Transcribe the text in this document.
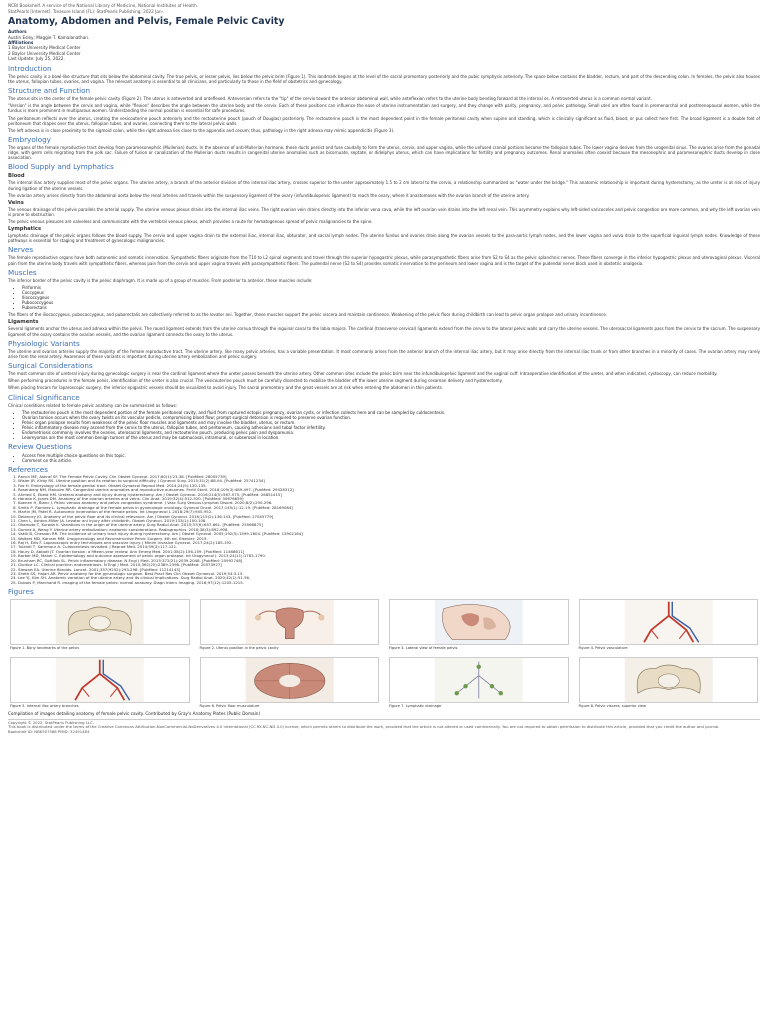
NCBI Bookshelf. A service of the National Library of Medicine, National Institutes of Health.
StatPearls [Internet]. Treasure Island (FL): StatPearls Publishing; 2022 Jan-.
Anatomy, Abdomen and Pelvis, Female Pelvic Cavity
Authors
Austin Esley; Maggie T. Kamalanathan.
Affiliations
1 Baylor University Medical Center
2 Baylor University Medical Center
Last Update: July 25, 2022.
Introduction
The pelvic cavity is a bowl-like structure that sits below the abdominal cavity. The true pelvis, or lesser pelvis, lies below the pelvic brim (Figure 1). This landmark begins at the level of the sacral promontory posteriorly and the pubic symphysis anteriorly. The space below contains the bladder, rectum, and part of the descending colon. In females, the pelvis also houses the uterus, fallopian tubes, ovaries, and vagina. The relevant anatomy is essential to all clinicians, and particularly to those in the field of obstetrics and gynecology.
Structure and Function
The uterus sits in the center of the female pelvic cavity (Figure 2). The uterus is anteverted and anteflexed. Anteversion refers to the "tip" of the cervix toward the anterior abdominal wall, while anteflexion refers to the uterine body bending forward at the internal os. A retroverted uterus is a common normal variant.
"Version" is the angle between the cervix and vagina, while "flexion" describes the angle between the uterine body and the cervix. Each of these positions can influence the ease of uterine instrumentation and surgery, and they change with parity, pregnancy, and pelvic pathology. Small uteri are often found in premenarchal and postmenopausal women, while the fundus is more prominent in multiparous women. Understanding the normal position is essential for safe procedures.
The peritoneum reflects over the uterus, creating the vesicouterine pouch anteriorly and the rectouterine pouch (pouch of Douglas) posteriorly. The rectouterine pouch is the most dependent point in the female peritoneal cavity when supine and standing, which is clinically significant as fluid, blood, or pus collect here first. The broad ligament is a double fold of peritoneum that drapes over the uterus, fallopian tubes, and ovaries, connecting them to the lateral pelvic walls.
The left adnexa is in close proximity to the sigmoid colon, while the right adnexa lies close to the appendix and cecum; thus, pathology in the right adnexa may mimic appendicitis (Figure 3).
Embryology
The organs of the female reproductive tract develop from paramesonephric (Mullerian) ducts. In the absence of anti-Mullerian hormone, these ducts persist and fuse caudally to form the uterus, cervix, and upper vagina, while the unfused cranial portions become the fallopian tubes. The lower vagina derives from the urogenital sinus. The ovaries arise from the gonadal ridge, with germ cells migrating from the yolk sac. Failure of fusion or canalization of the Mullerian ducts results in congenital uterine anomalies such as bicornuate, septate, or didelphys uterus, which can have implications for fertility and pregnancy outcomes. Renal anomalies often coexist because the mesonephric and paramesonephric ducts develop in close association.
Blood Supply and Lymphatics
Blood
The internal iliac artery supplies most of the pelvic organs. The uterine artery, a branch of the anterior division of the internal iliac artery, crosses superior to the ureter approximately 1.5 to 2 cm lateral to the cervix, a relationship summarized as "water under the bridge." This anatomic relationship is important during hysterectomy, as the ureter is at risk of injury during ligation of the uterine vessels.
The ovarian artery arises directly from the abdominal aorta below the renal arteries and travels within the suspensory ligament of the ovary (infundibulopelvic ligament) to reach the ovary, where it anastomoses with the ovarian branch of the uterine artery.
Veins
The venous drainage of the pelvis parallels the arterial supply. The uterine venous plexus drains into the internal iliac veins. The right ovarian vein drains directly into the inferior vena cava, while the left ovarian vein drains into the left renal vein. This asymmetry explains why left-sided varicoceles and pelvic congestion are more common, and why the left ovarian vein is prone to obstruction.
The pelvic venous plexuses are valveless and communicate with the vertebral venous plexus, which provides a route for hematogenous spread of pelvic malignancies to the spine.
Lymphatics
Lymphatic drainage of the pelvic organs follows the blood supply. The cervix and upper vagina drain to the external iliac, internal iliac, obturator, and sacral lymph nodes. The uterine fundus and ovaries drain along the ovarian vessels to the para-aortic lymph nodes, and the lower vagina and vulva drain to the superficial inguinal lymph nodes. Knowledge of these pathways is essential for staging and treatment of gynecologic malignancies.
Nerves
The female reproductive organs have both autonomic and somatic innervation. Sympathetic fibers originate from the T10 to L2 spinal segments and travel through the superior hypogastric plexus, while parasympathetic fibers arise from S2 to S4 as the pelvic splanchnic nerves. These fibers converge in the inferior hypogastric plexus and uterovaginal plexus. Visceral pain from the uterine body travels with sympathetic fibers, whereas pain from the cervix and upper vagina travels with parasympathetic fibers. The pudendal nerve (S2 to S4) provides somatic innervation to the perineum and lower vagina and is the target of the pudendal nerve block used in obstetric analgesia.
Muscles
The inferior border of the pelvic cavity is the pelvic diaphragm. It is made up of a group of muscles. From posterior to anterior, these muscles include:
• Piriformis
• Coccygeus
• Iliococcygeus
• Pubococcygeus
• Puborectalis
The fibers of the iliococcygeus, pubococcygeus, and puborectalis are collectively referred to as the levator ani. Together, these muscles support the pelvic viscera and maintain continence. Weakening of the pelvic floor during childbirth can lead to pelvic organ prolapse and urinary incontinence.
Ligaments
Several ligaments anchor the uterus and adnexa within the pelvis. The round ligament extends from the uterine cornua through the inguinal canal to the labia majora. The cardinal (transverse cervical) ligaments extend from the cervix to the lateral pelvic walls and carry the uterine vessels. The uterosacral ligaments pass from the cervix to the sacrum. The suspensory ligament of the ovary contains the ovarian vessels, and the ovarian ligament connects the ovary to the uterus.
Physiologic Variants
The uterine and ovarian arteries supply the majority of the female reproductive tract. The uterine artery, like many pelvic arteries, has a variable presentation. It most commonly arises from the anterior branch of the internal iliac artery, but it may arise directly from the internal iliac trunk or from other branches in a minority of cases. The ovarian artery may rarely arise from the renal artery. Awareness of these variants is important during uterine artery embolization and pelvic surgery.
Surgical Considerations
The most common site of ureteral injury during gynecologic surgery is near the cardinal ligament where the ureter passes beneath the uterine artery. Other common sites include the pelvic brim near the infundibulopelvic ligament and the vaginal cuff. Intraoperative identification of the ureter, and when indicated, cystoscopy, can reduce morbidity.
When performing procedures in the female pelvis, identification of the ureter is also crucial. The vesicouterine pouch must be carefully dissected to mobilize the bladder off the lower uterine segment during cesarean delivery and hysterectomy.
When placing trocars for laparoscopic surgery, the inferior epigastric vessels should be visualized to avoid injury. The sacral promontory and the great vessels are at risk when entering the abdomen in thin patients.
Clinical Significance
Clinical conditions related to female pelvic anatomy can be summarized as follows:
• The rectouterine pouch is the most dependent portion of the female peritoneal cavity, and fluid from ruptured ectopic pregnancy, ovarian cysts, or infection collects here and can be sampled by culdocentesis.
• Ovarian torsion occurs when the ovary twists on its vascular pedicle, compromising blood flow; prompt surgical detorsion is required to preserve ovarian function.
• Pelvic organ prolapse results from weakness of the pelvic floor muscles and ligaments and may involve the bladder, uterus, or rectum.
• Pelvic inflammatory disease may ascend from the cervix to the uterus, fallopian tubes, and peritoneum, causing adhesions and tubal factor infertility.
• Endometriosis commonly involves the ovaries, uterosacral ligaments, and rectouterine pouch, producing pelvic pain and dyspareunia.
• Leiomyomas are the most common benign tumors of the uterus and may be submucosal, intramural, or subserosal in location.
Review Questions
• Access free multiple choice questions on this topic.
• Comment on this article.
References
1. Ranch ME, Ashraf SF. The Female Pelvic Cavity. Clin Obstet Gynecol. 2017;60(1):23-38. [PubMed: 28005739]
2. Wisler JR, Kirby RS. Uterine position and its relation to surgical difficulty. J Gynecol Surg. 2015;31(2):88-94. [PubMed: 25741234]
3. Fox H. Embryology of the female genital tract. Obstet Gynaecol Reprod Med. 2014;24(5):130-135.
4. Rosenberg NM, Malcolm RR. Congenital uterine anomalies and reproductive outcomes. Fertil Steril. 2018;109(3):489-497. [PubMed: 29428312]
5. Ahmed S, Ebeid HM. Ureteral anatomy and injury during hysterectomy. Am J Obstet Gynecol. 2016;214(5):567-575. [PubMed: 26851415]
6. Harada K, Jones DM. Anatomy of the ovarian arteries and veins. Clin Anat. 2019;32(4):512-520. [PubMed: 30676659]
7. Koenen H, Blanc J. Pelvic venous anatomy and pelvic congestion syndrome. J Vasc Surg Venous Lymphat Disord. 2020;8(2):290-298.
8. Smith P, Ramirez L. Lymphatic drainage of the female pelvis in gynecologic oncology. Gynecol Oncol. 2017;145(1):12-19. [PubMed: 28169084]
9. Martin JM, Patel R. Autonomic innervation of the female pelvis. Int Urogynecol J. 2018;29(7):945-952.
10. Delancey JO. Anatomy of the pelvic floor and its clinical relevance. Am J Obstet Gynecol. 2016;215(2):136-143. [PubMed: 27045779]
11. Chen L, Ashton-Miller JA. Levator ani injury after childbirth. Obstet Gynecol. 2019;133(1):100-108.
12. Okamoto T, Kuroda K. Variations in the origin of the uterine artery. Surg Radiol Anat. 2015;37(6):657-661. [PubMed: 25566875]
13. Gomez A, Wang Y. Uterine artery embolization: anatomic considerations. Radiographics. 2018;38(3):892-908.
14. Vakili B, Chesson RR. The incidence of urinary tract injury during hysterectomy. Am J Obstet Gynecol. 2005;192(5):1599-1604. [PubMed: 15902164]
15. Walters MD, Karram MM. Urogynecology and Reconstructive Pelvic Surgery. 4th ed. Elsevier; 2015.
16. Raj H, Ellis F. Laparoscopic entry techniques and vascular injury. J Minim Invasive Gynecol. 2017;24(2):185-192.
17. Tulandi T, Sammour A. Culdocentesis revisited. J Reprod Med. 2014;59(3):117-121.
18. Houry D, Abbott JT. Ovarian torsion: a fifteen-year review. Ann Emerg Med. 2001;38(2):156-159. [PubMed: 11468611]
19. Barber MD, Maher C. Epidemiology and outcome assessment of pelvic organ prolapse. Int Urogynecol J. 2013;24(11):1783-1790.
20. Brunham RC, Gottlieb SL. Pelvic inflammatory disease. N Engl J Med. 2015;372(21):2039-2048. [PubMed: 25992748]
21. Giudice LC. Clinical practice: endometriosis. N Engl J Med. 2010;362(25):2389-2398. [PubMed: 20573927]
22. Stewart EA. Uterine fibroids. Lancet. 2001;357(9252):293-298. [PubMed: 11214143]
23. Sheth SS, Hajari AR. Pelvic anatomy for the gynecologic surgeon. Best Pract Res Clin Obstet Gynaecol. 2019;54:3-15.
24. Lee YJ, Kim SH. Anatomic variation of the uterine artery and its clinical implications. Surg Radiol Anat. 2020;42(1):51-56.
25. Dubois P, Marchand R. Imaging of the female pelvis: normal anatomy. Diagn Interv Imaging. 2016;97(12):1205-1215.
Figures
Figure 1. Bony landmarks of the pelvis	Figure 2. Uterus position in the pelvic cavity	Figure 3. Lateral view of female pelvis	Figure 4. Pelvic vasculature
Figure 5. Internal iliac artery branches	Figure 6. Pelvic floor musculature	Figure 7. Lymphatic drainage	Figure 8. Pelvic viscera, superior view
Compilation of images detailing anatomy of female pelvic cavity. Contributed by Gray's Anatomy Plates (Public Domain)
Copyright © 2022, StatPearls Publishing LLC.
This book is distributed under the terms of the Creative Commons Attribution-NonCommercial-NoDerivatives 4.0 International (CC BY-NC-ND 4.0) license, which permits others to distribute the work, provided that the article is not altered or used commercially. You are not required to obtain permission to distribute this article, provided that you credit the author and journal.
Bookshelf ID: NBK557568 PMID: 32491484
